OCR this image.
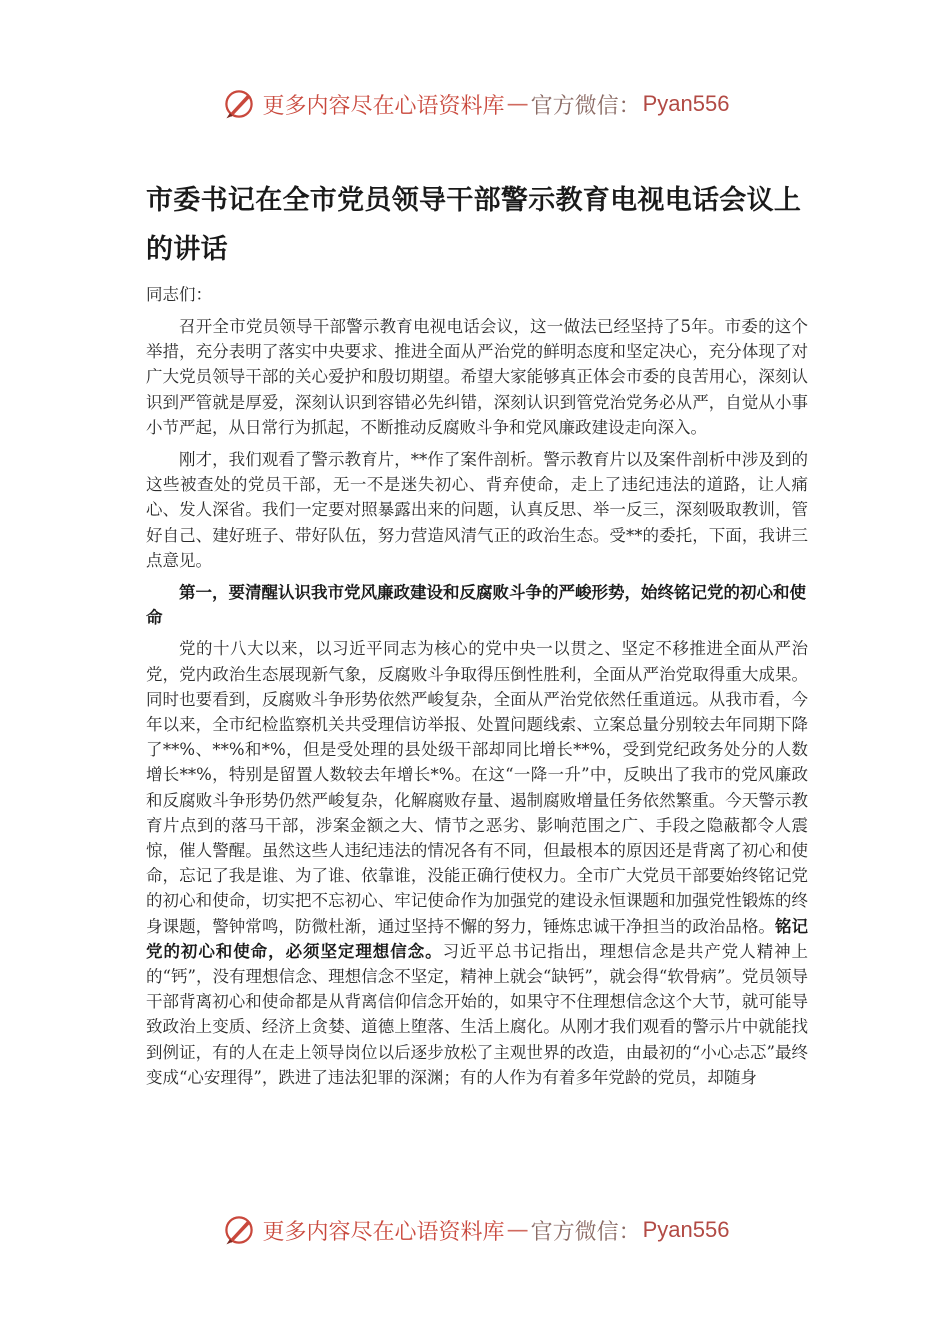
更多内容尽在心语资料库 — 官方微信： Pyan556
市委书记在全市党员领导干部警示教育电视电话会议上的讲话

同志们：

召开全市党员领导干部警示教育电视电话会议，这一做法已经坚持了5年。市委的这个举措，充分表明了落实中央要求、推进全面从严治党的鲜明态度和坚定决心，充分体现了对广大党员领导干部的关心爱护和殷切期望。希望大家能够真正体会市委的良苦用心，深刻认识到严管就是厚爱，深刻认识到容错必先纠错，深刻认识到管党治党务必从严，自觉从小事小节严起，从日常行为抓起，不断推动反腐败斗争和党风廉政建设走向深入。

刚才，我们观看了警示教育片，**作了案件剖析。警示教育片以及案件剖析中涉及到的这些被查处的党员干部，无一不是迷失初心、背弃使命，走上了违纪违法的道路，让人痛心、发人深省。我们一定要对照暴露出来的问题，认真反思、举一反三，深刻吸取教训，管好自己、建好班子、带好队伍，努力营造风清气正的政治生态。受**的委托，下面，我讲三点意见。

第一，要清醒认识我市党风廉政建设和反腐败斗争的严峻形势，始终铭记党的初心和使命

党的十八大以来，以习近平同志为核心的党中央一以贯之、坚定不移推进全面从严治党，党内政治生态展现新气象，反腐败斗争取得压倒性胜利，全面从严治党取得重大成果。同时也要看到，反腐败斗争形势依然严峻复杂，全面从严治党依然任重道远。从我市看，今年以来，全市纪检监察机关共受理信访举报、处置问题线索、立案总量分别较去年同期下降了**%、**%和*%，但是受处理的县处级干部却同比增长**%，受到党纪政务处分的人数增长**%，特别是留置人数较去年增长*%。在这“一降一升”中，反映出了我市的党风廉政和反腐败斗争形势仍然严峻复杂，化解腐败存量、遏制腐败增量任务依然繁重。今天警示教育片点到的落马干部，涉案金额之大、情节之恶劣、影响范围之广、手段之隐蔽都令人震惊，催人警醒。虽然这些人违纪违法的情况各有不同，但最根本的原因还是背离了初心和使命，忘记了我是谁、为了谁、依靠谁，没能正确行使权力。全市广大党员干部要始终铭记党的初心和使命，切实把不忘初心、牢记使命作为加强党的建设永恒课题和加强党性锻炼的终身课题，警钟常鸣，防微杜渐，通过坚持不懈的努力，锤炼忠诚干净担当的政治品格。铭记党的初心和使命，必须坚定理想信念。习近平总书记指出，理想信念是共产党人精神上的“钙”，没有理想信念、理想信念不坚定，精神上就会“缺钙”，就会得“软骨病”。党员领导干部背离初心和使命都是从背离信仰信念开始的，如果守不住理想信念这个大节，就可能导致政治上变质、经济上贪婪、道德上堕落、生活上腐化。从刚才我们观看的警示片中就能找到例证，有的人在走上领导岗位以后逐步放松了主观世界的改造，由最初的“小心忐忑”最终变成“心安理得”，跌进了违法犯罪的深渊；有的人作为有着多年党龄的党员，却随身

更多内容尽在心语资料库 — 官方微信： Pyan556
